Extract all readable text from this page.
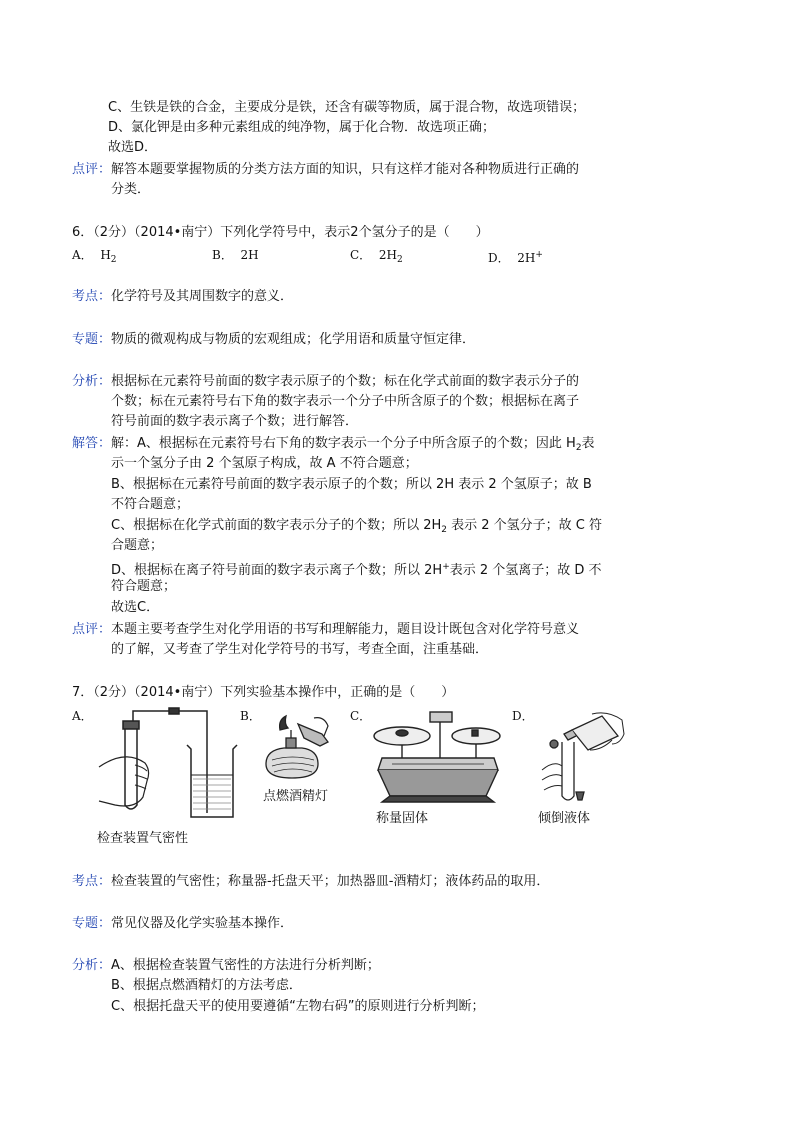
C、生铁是铁的合金，主要成分是铁，还含有碳等物质，属于混合物，故选项错误；
D、氯化钾是由多种元素组成的纯净物，属于化合物．故选项正确；
故选D．
点评： 解答本题要掌握物质的分类方法方面的知识，只有这样才能对各种物质进行正确的
分类．
6．（2分）（2014•南宁）下列化学符号中，表示2个氢分子的是（　　）
A． $H_2$	B． 2H	C． $2H_2$	D． 2H+
考点： 化学符号及其周围数字的意义．
专题： 物质的微观构成与物质的宏观组成；化学用语和质量守恒定律．
分析： 根据标在元素符号前面的数字表示原子的个数；标在化学式前面的数字表示分子的
个数；标在元素符号右下角的数字表示一个分子中所含原子的个数；根据标在离子
符号前面的数字表示离子个数；进行解答．
解答： 解：A、根据标在元素符号右下角的数字表示一个分子中所含原子的个数；因此 $H_2$表
示一个氢分子由 2 个氢原子构成，故 A 不符合题意；
B、根据标在元素符号前面的数字表示原子的个数；所以 2H 表示 2 个氢原子；故 B
不符合题意；
C、根据标在化学式前面的数字表示分子的个数；所以 $2H_2$ 表示 2 个氢分子；故 C 符
合题意；
D、根据标在离子符号前面的数字表示离子个数；所以 2H+表示 2 个氢离子；故 D 不
符合题意；
故选C．
点评： 本题主要考查学生对化学用语的书写和理解能力，题目设计既包含对化学符号意义
的了解，又考查了学生对化学符号的书写，考查全面，注重基础．
7．（2分）（2014•南宁）下列实验基本操作中，正确的是（　　）
A．	B．	C．	D．
检查装置气密性
点燃酒精灯
称量固体	倾倒液体
考点： 检查装置的气密性；称量器-托盘天平；加热器皿-酒精灯；液体药品的取用．
专题： 常见仪器及化学实验基本操作．
分析： A、根据检查装置气密性的方法进行分析判断；
B、根据点燃酒精灯的方法考虑．
C、根据托盘天平的使用要遵循“左物右码”的原则进行分析判断；
